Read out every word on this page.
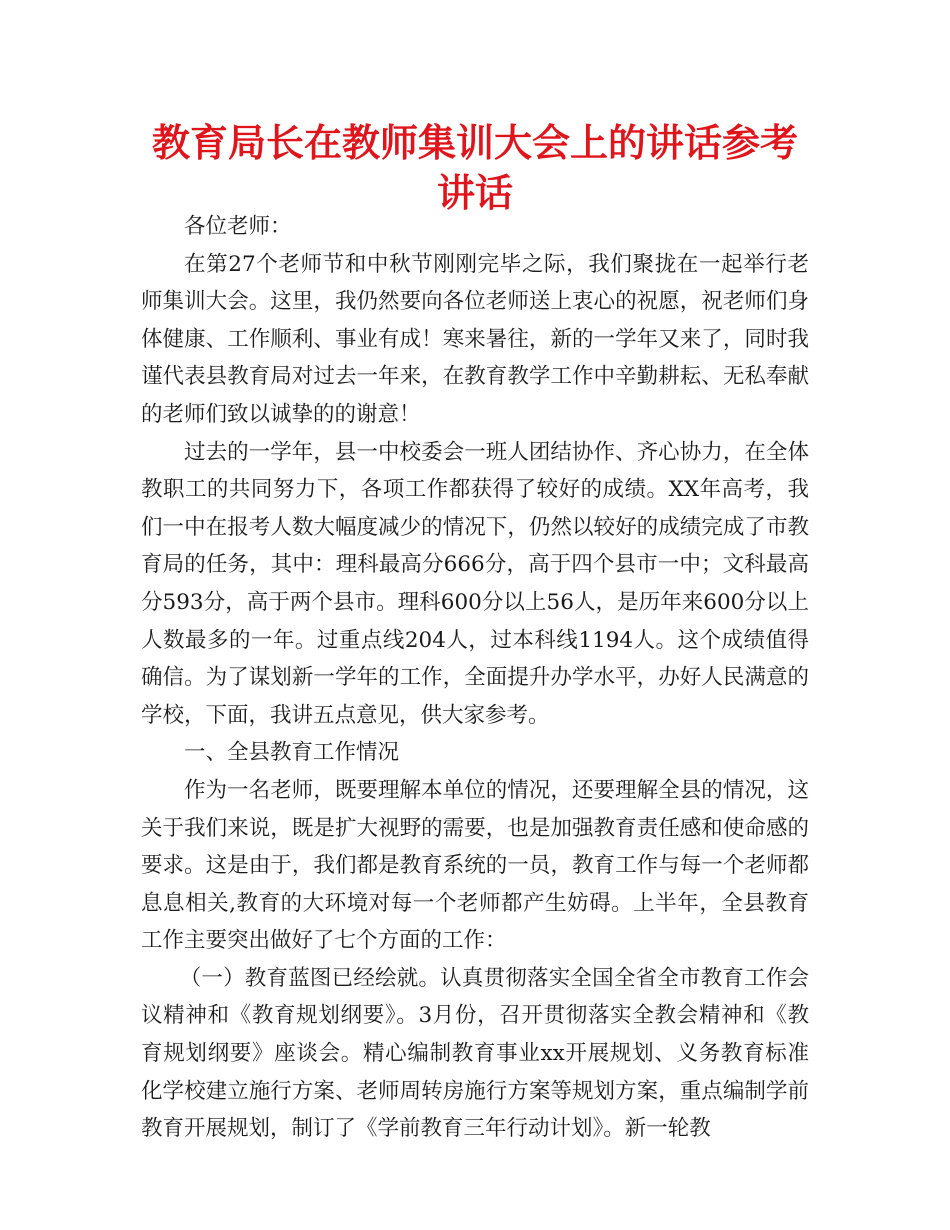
教育局长在教师集训大会上的讲话参考讲话

各位老师：

在第27个老师节和中秋节刚刚完毕之际，我们聚拢在一起举行老师集训大会。这里，我仍然要向各位老师送上衷心的祝愿，祝老师们身体健康、工作顺利、事业有成！寒来暑往，新的一学年又来了，同时我谨代表县教育局对过去一年来，在教育教学工作中辛勤耕耘、无私奉献的老师们致以诚挚的的谢意！

过去的一学年，县一中校委会一班人团结协作、齐心协力，在全体教职工的共同努力下，各项工作都获得了较好的成绩。XX年高考，我们一中在报考人数大幅度减少的情况下，仍然以较好的成绩完成了市教育局的任务，其中：理科最高分666分，高于四个县市一中；文科最高分593分，高于两个县市。理科600分以上56人，是历年来600分以上人数最多的一年。过重点线204人，过本科线1194人。这个成绩值得确信。为了谋划新一学年的工作，全面提升办学水平，办好人民满意的学校，下面，我讲五点意见，供大家参考。

一、全县教育工作情况

作为一名老师，既要理解本单位的情况，还要理解全县的情况，这关于我们来说，既是扩大视野的需要，也是加强教育责任感和使命感的要求。这是由于，我们都是教育系统的一员，教育工作与每一个老师都息息相关,教育的大环境对每一个老师都产生妨碍。上半年，全县教育工作主要突出做好了七个方面的工作：

（一）教育蓝图已经绘就。认真贯彻落实全国全省全市教育工作会议精神和《教育规划纲要》。3月份，召开贯彻落实全教会精神和《教育规划纲要》座谈会。精心编制教育事业xx开展规划、义务教育标准化学校建立施行方案、老师周转房施行方案等规划方案，重点编制学前教育开展规划，制订了《学前教育三年行动计划》。新一轮教
